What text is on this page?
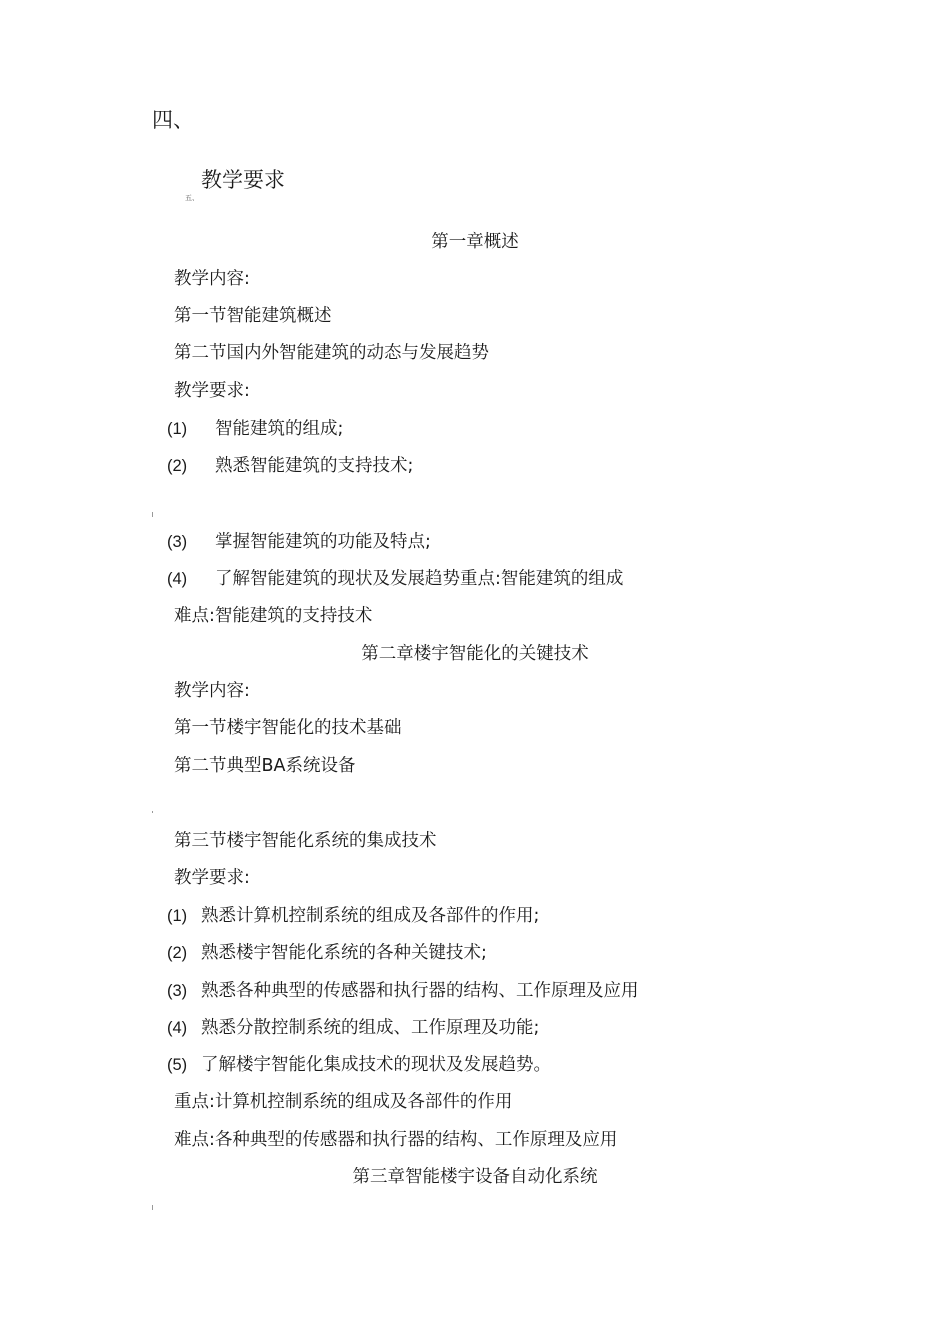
四、
教学要求
五、
第一章概述
教学内容:
第一节智能建筑概述
第二节国内外智能建筑的动态与发展趋势
教学要求:
(1) 智能建筑的组成;
(2) 熟悉智能建筑的支持技术;
(3) 掌握智能建筑的功能及特点;
(4) 了解智能建筑的现状及发展趋势重点:智能建筑的组成
难点:智能建筑的支持技术
第二章楼宇智能化的关键技术
教学内容:
第一节楼宇智能化的技术基础
第二节典型BA系统设备
第三节楼宇智能化系统的集成技术
教学要求:
(1) 熟悉计算机控制系统的组成及各部件的作用;
(2) 熟悉楼宇智能化系统的各种关键技术;
(3) 熟悉各种典型的传感器和执行器的结构、工作原理及应用
(4) 熟悉分散控制系统的组成、工作原理及功能;
(5) 了解楼宇智能化集成技术的现状及发展趋势。
重点:计算机控制系统的组成及各部件的作用
难点:各种典型的传感器和执行器的结构、工作原理及应用
第三章智能楼宇设备自动化系统
